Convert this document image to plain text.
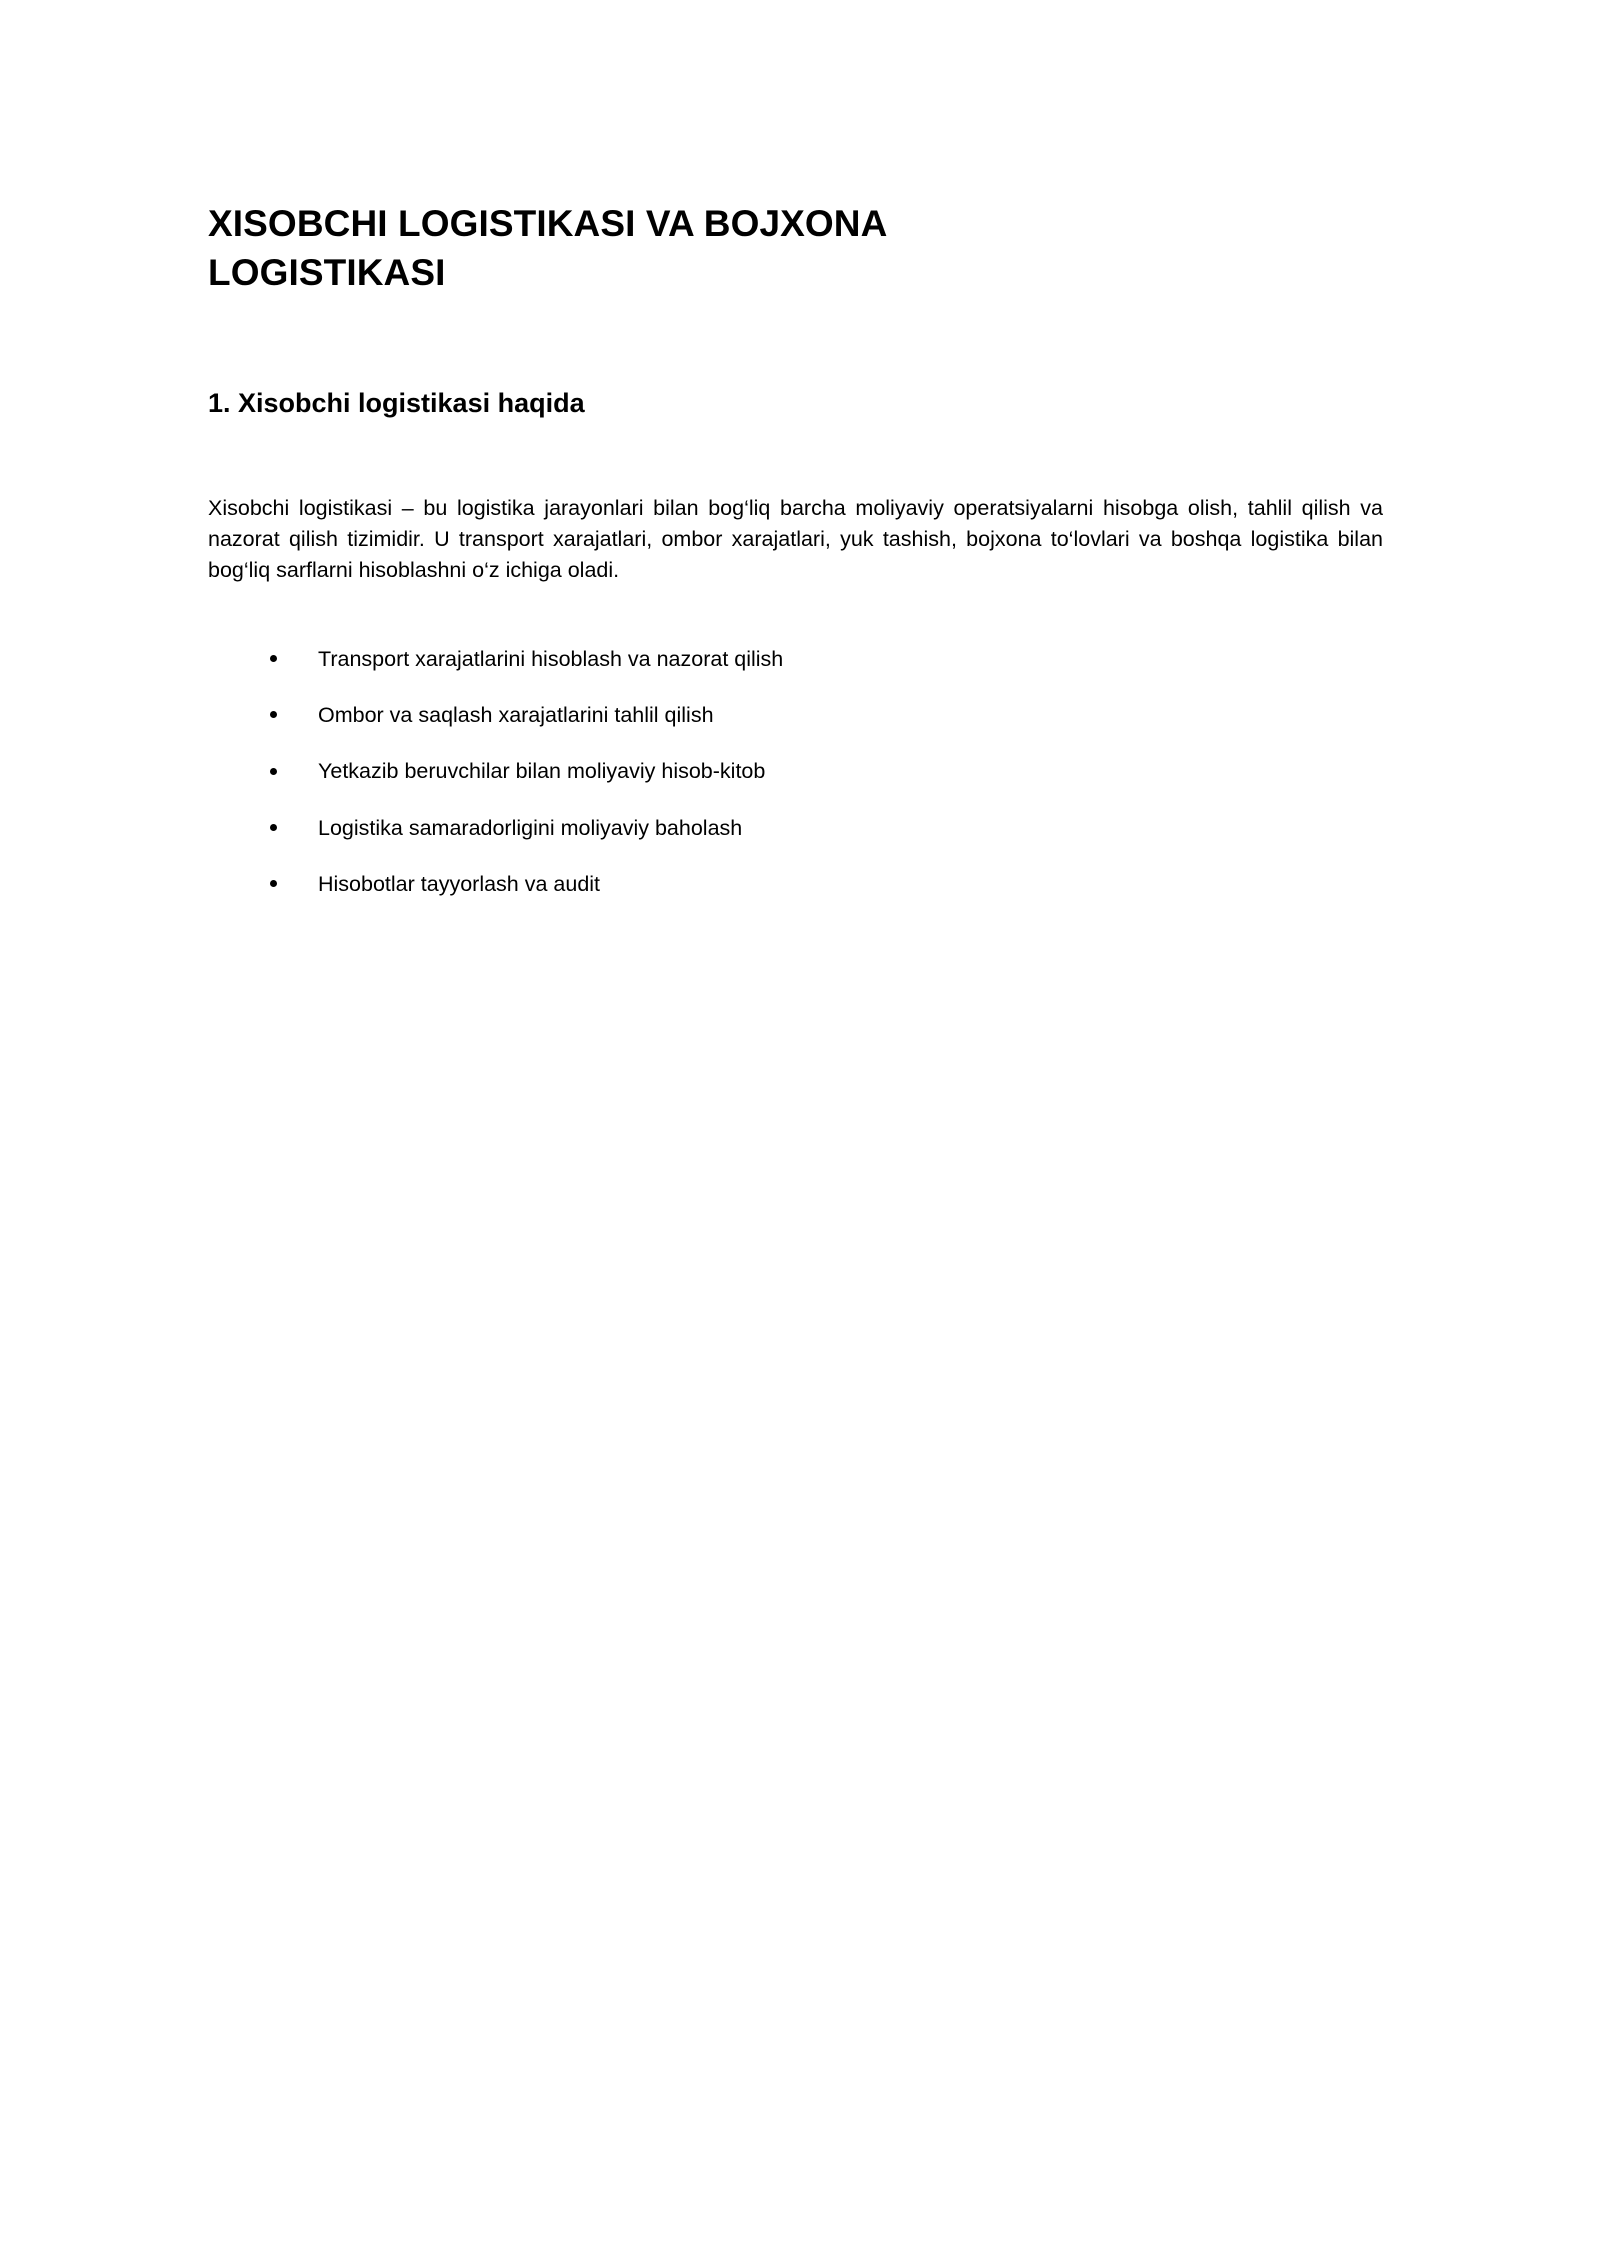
XISOBCHI LOGISTIKASI VA BOJXONA LOGISTIKASI
1. Xisobchi logistikasi haqida

Xisobchi logistikasi – bu logistika jarayonlari bilan bog‘liq barcha moliyaviy operatsiyalarni hisobga olish, tahlil qilish va nazorat qilish tizimidir. U transport xarajatlari, ombor xarajatlari, yuk tashish, bojxona to‘lovlari va boshqa logistika bilan bog‘liq sarflarni hisoblashni o‘z ichiga oladi.

Transport xarajatlarini hisoblash va nazorat qilish
Ombor va saqlash xarajatlarini tahlil qilish
Yetkazib beruvchilar bilan moliyaviy hisob-kitob
Logistika samaradorligini moliyaviy baholash
Hisobotlar tayyorlash va audit
